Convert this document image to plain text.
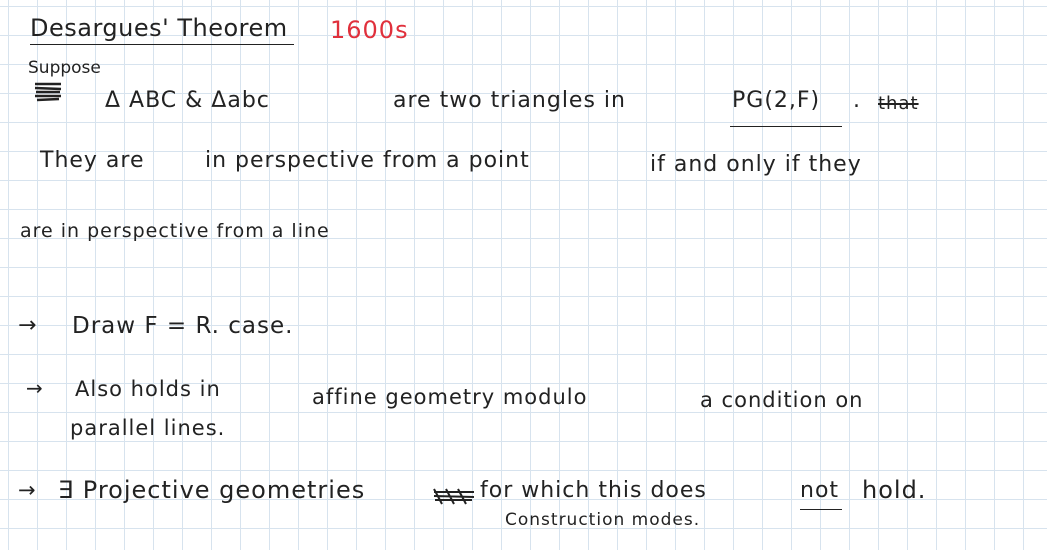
Desargues' Theorem 1600s
Suppose
Δ ABC & Δabc	are two triangles in	PG(2,F) . that
They are	in perspective from a point	if and only if they
are in perspective from a line
→ Draw F = R. case.
→ Also holds in	affine geometry modulo	a condition on
parallel lines.
→ ∃ Projective geometries	for which this does	not hold.
Construction modes.
